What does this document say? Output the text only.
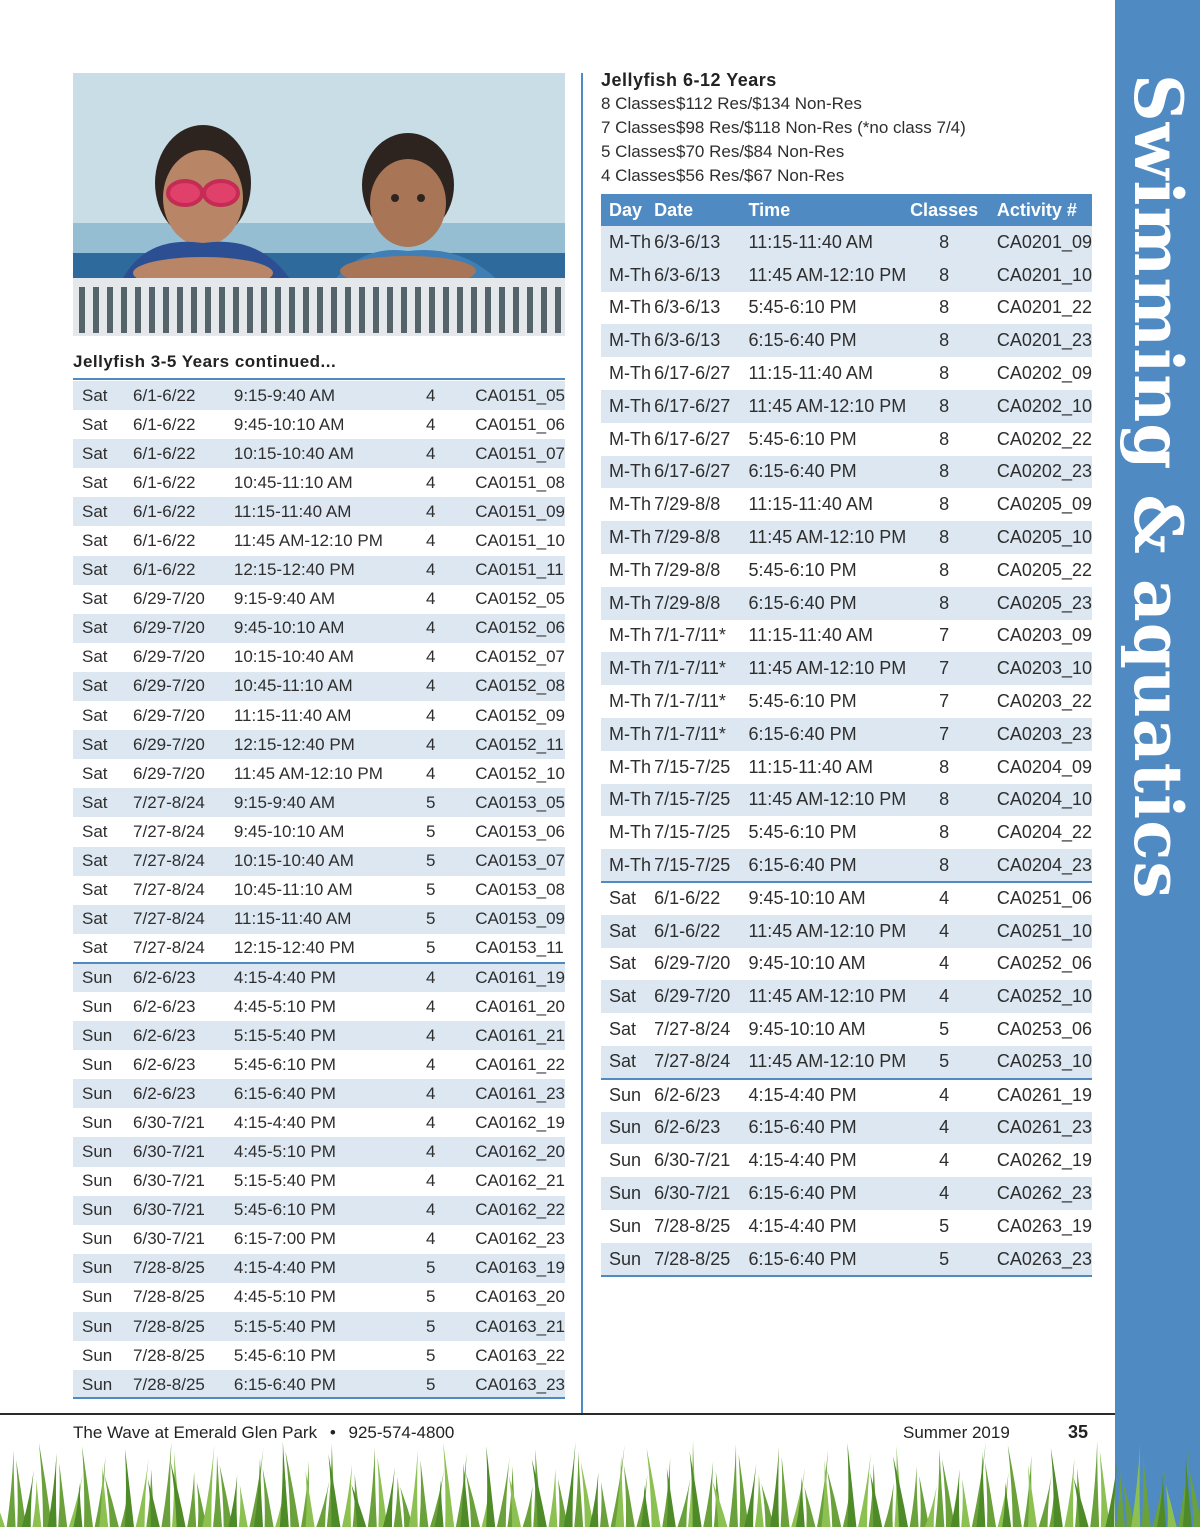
Swimming & aquatics
Jellyfish 3-5 Years continued...
Sat	6/1-6/22	9:15-9:40 AM	4	CA0151_05
Sat	6/1-6/22	9:45-10:10 AM	4	CA0151_06
Sat	6/1-6/22	10:15-10:40 AM	4	CA0151_07
Sat	6/1-6/22	10:45-11:10 AM	4	CA0151_08
Sat	6/1-6/22	11:15-11:40 AM	4	CA0151_09
Sat	6/1-6/22	11:45 AM-12:10 PM	4	CA0151_10
Sat	6/1-6/22	12:15-12:40 PM	4	CA0151_11
Sat	6/29-7/20	9:15-9:40 AM	4	CA0152_05
Sat	6/29-7/20	9:45-10:10 AM	4	CA0152_06
Sat	6/29-7/20	10:15-10:40 AM	4	CA0152_07
Sat	6/29-7/20	10:45-11:10 AM	4	CA0152_08
Sat	6/29-7/20	11:15-11:40 AM	4	CA0152_09
Sat	6/29-7/20	12:15-12:40 PM	4	CA0152_11
Sat	6/29-7/20	11:45 AM-12:10 PM	4	CA0152_10
Sat	7/27-8/24	9:15-9:40 AM	5	CA0153_05
Sat	7/27-8/24	9:45-10:10 AM	5	CA0153_06
Sat	7/27-8/24	10:15-10:40 AM	5	CA0153_07
Sat	7/27-8/24	10:45-11:10 AM	5	CA0153_08
Sat	7/27-8/24	11:15-11:40 AM	5	CA0153_09
Sat	7/27-8/24	12:15-12:40 PM	5	CA0153_11
Sun	6/2-6/23	4:15-4:40 PM	4	CA0161_19
Sun	6/2-6/23	4:45-5:10 PM	4	CA0161_20
Sun	6/2-6/23	5:15-5:40 PM	4	CA0161_21
Sun	6/2-6/23	5:45-6:10 PM	4	CA0161_22
Sun	6/2-6/23	6:15-6:40 PM	4	CA0161_23
Sun	6/30-7/21	4:15-4:40 PM	4	CA0162_19
Sun	6/30-7/21	4:45-5:10 PM	4	CA0162_20
Sun	6/30-7/21	5:15-5:40 PM	4	CA0162_21
Sun	6/30-7/21	5:45-6:10 PM	4	CA0162_22
Sun	6/30-7/21	6:15-7:00 PM	4	CA0162_23
Sun	7/28-8/25	4:15-4:40 PM	5	CA0163_19
Sun	7/28-8/25	4:45-5:10 PM	5	CA0163_20
Sun	7/28-8/25	5:15-5:40 PM	5	CA0163_21
Sun	7/28-8/25	5:45-6:10 PM	5	CA0163_22
Sun	7/28-8/25	6:15-6:40 PM	5	CA0163_23
Jellyfish 6-12 Years
8 Classes$112 Res/$134 Non-Res
7 Classes$98 Res/$118 Non-Res (*no class 7/4)
5 Classes$70 Res/$84 Non-Res
4 Classes$56 Res/$67 Non-Res
Day	Date	Time	Classes	Activity #
M-Th	6/3-6/13	11:15-11:40 AM	8	CA0201_09
M-Th	6/3-6/13	11:45 AM-12:10 PM	8	CA0201_10
M-Th	6/3-6/13	5:45-6:10 PM	8	CA0201_22
M-Th	6/3-6/13	6:15-6:40 PM	8	CA0201_23
M-Th	6/17-6/27	11:15-11:40 AM	8	CA0202_09
M-Th	6/17-6/27	11:45 AM-12:10 PM	8	CA0202_10
M-Th	6/17-6/27	5:45-6:10 PM	8	CA0202_22
M-Th	6/17-6/27	6:15-6:40 PM	8	CA0202_23
M-Th	7/29-8/8	11:15-11:40 AM	8	CA0205_09
M-Th	7/29-8/8	11:45 AM-12:10 PM	8	CA0205_10
M-Th	7/29-8/8	5:45-6:10 PM	8	CA0205_22
M-Th	7/29-8/8	6:15-6:40 PM	8	CA0205_23
M-Th	7/1-7/11*	11:15-11:40 AM	7	CA0203_09
M-Th	7/1-7/11*	11:45 AM-12:10 PM	7	CA0203_10
M-Th	7/1-7/11*	5:45-6:10 PM	7	CA0203_22
M-Th	7/1-7/11*	6:15-6:40 PM	7	CA0203_23
M-Th	7/15-7/25	11:15-11:40 AM	8	CA0204_09
M-Th	7/15-7/25	11:45 AM-12:10 PM	8	CA0204_10
M-Th	7/15-7/25	5:45-6:10 PM	8	CA0204_22
M-Th	7/15-7/25	6:15-6:40 PM	8	CA0204_23
Sat	6/1-6/22	9:45-10:10 AM	4	CA0251_06
Sat	6/1-6/22	11:45 AM-12:10 PM	4	CA0251_10
Sat	6/29-7/20	9:45-10:10 AM	4	CA0252_06
Sat	6/29-7/20	11:45 AM-12:10 PM	4	CA0252_10
Sat	7/27-8/24	9:45-10:10 AM	5	CA0253_06
Sat	7/27-8/24	11:45 AM-12:10 PM	5	CA0253_10
Sun	6/2-6/23	4:15-4:40 PM	4	CA0261_19
Sun	6/2-6/23	6:15-6:40 PM	4	CA0261_23
Sun	6/30-7/21	4:15-4:40 PM	4	CA0262_19
Sun	6/30-7/21	6:15-6:40 PM	4	CA0262_23
Sun	7/28-8/25	4:15-4:40 PM	5	CA0263_19
Sun	7/28-8/25	6:15-6:40 PM	5	CA0263_23
The Wave at Emerald Glen Park • 925-574-4800	Summer 2019	35
